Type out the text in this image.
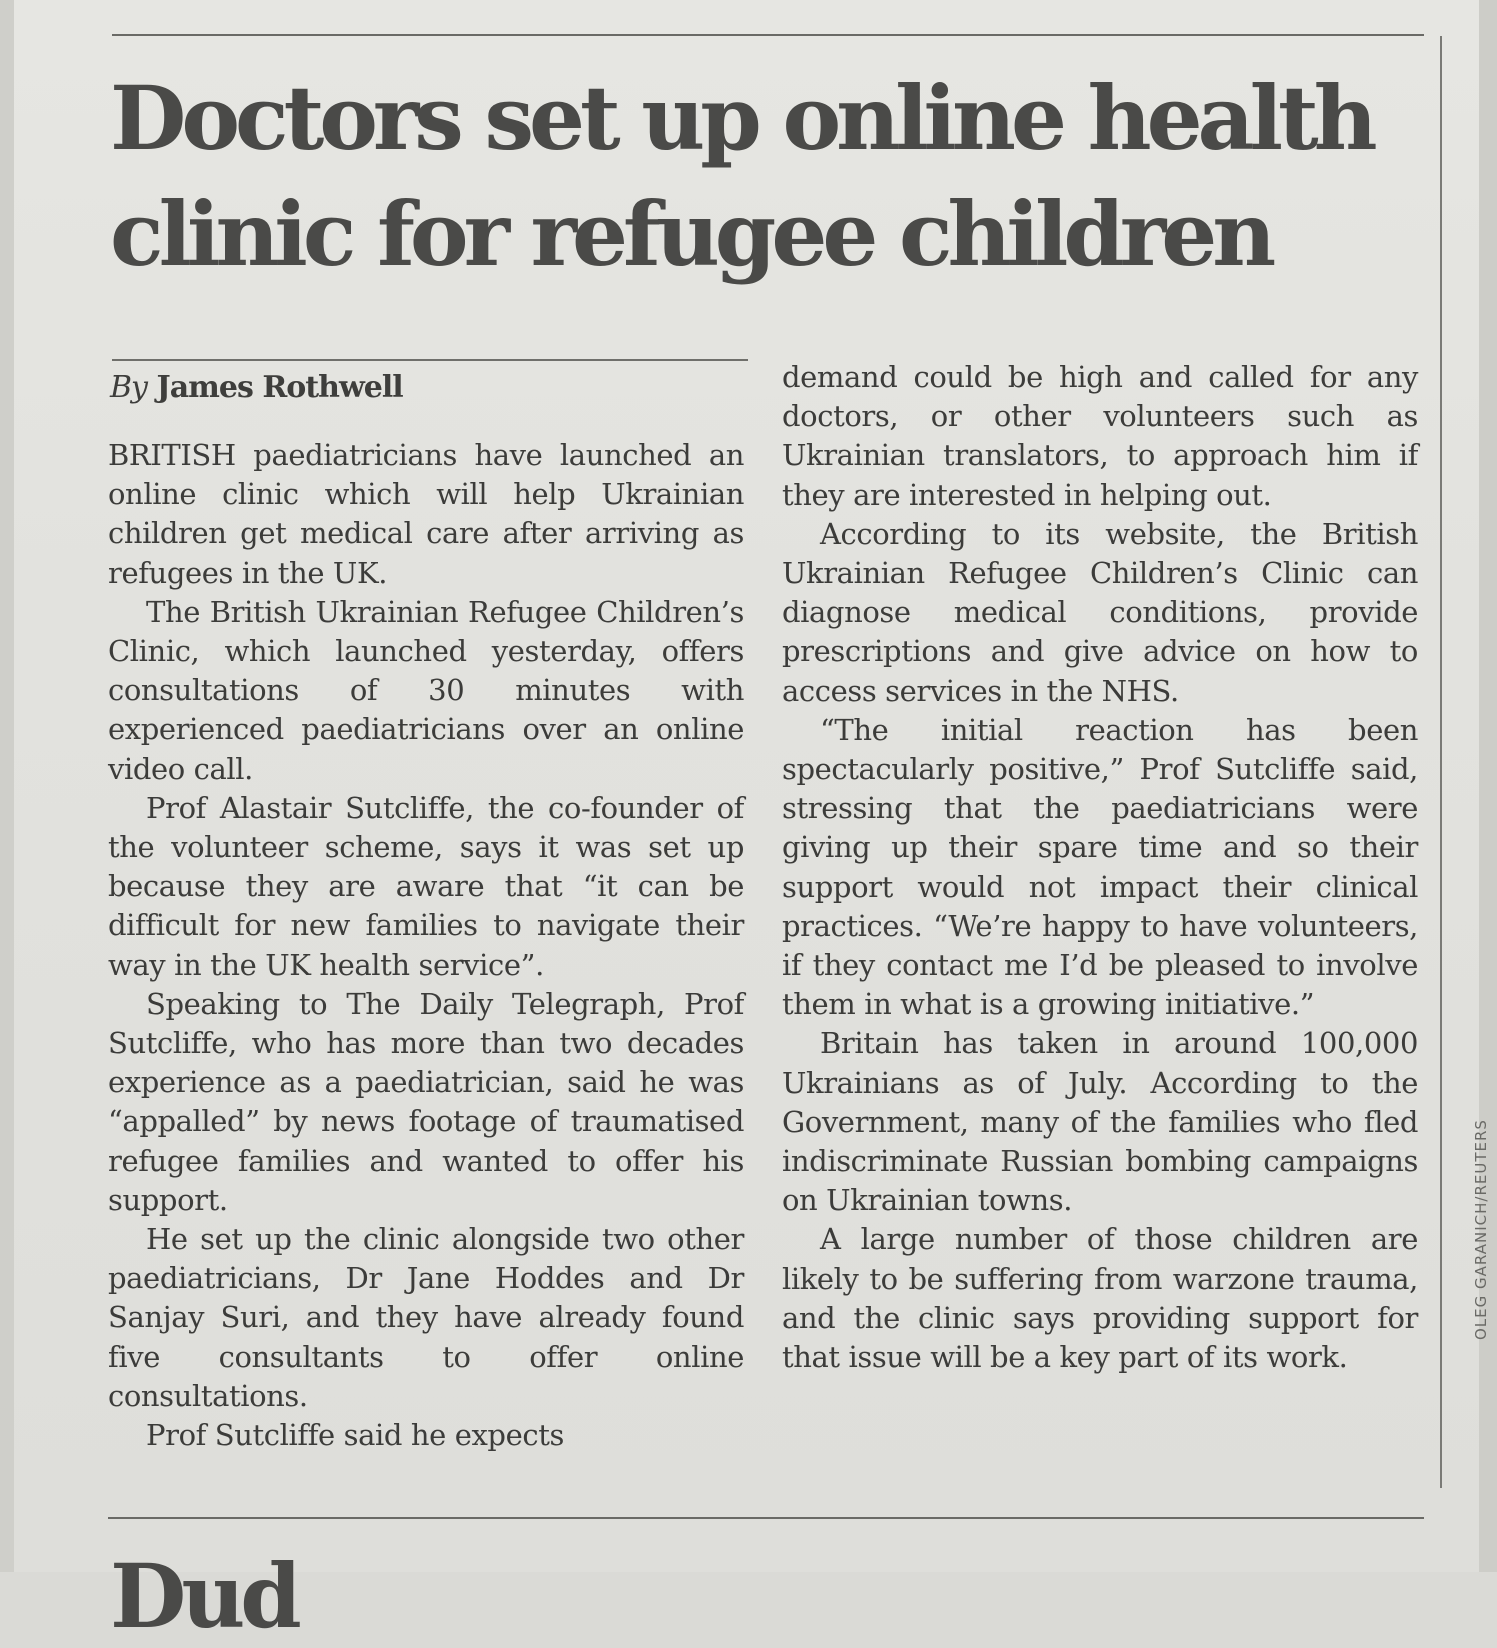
Doctors set up online health clinic for refugee children
By James Rothwell

BRITISH paediatricians have launched an online clinic which will help Ukrainian children get medical care after arriving as refugees in the UK.

The British Ukrainian Refugee Children’s Clinic, which launched yesterday, offers consultations of 30 minutes with experienced paediatricians over an online video call.

Prof Alastair Sutcliffe, the co-founder of the volunteer scheme, says it was set up because they are aware that “it can be difficult for new families to navigate their way in the UK health service”.

Speaking to The Daily Telegraph, Prof Sutcliffe, who has more than two decades experience as a paediatrician, said he was “appalled” by news footage of traumatised refugee families and wanted to offer his support.

He set up the clinic alongside two other paediatricians, Dr Jane Hoddes and Dr Sanjay Suri, and they have already found five consultants to offer online consultations.

Prof Sutcliffe said he expects

demand could be high and called for any doctors, or other volunteers such as Ukrainian translators, to approach him if they are interested in helping out.

According to its website, the British Ukrainian Refugee Children’s Clinic can diagnose medical conditions, provide prescriptions and give advice on how to access services in the NHS.

“The initial reaction has been spectacularly positive,” Prof Sutcliffe said, stressing that the paediatricians were giving up their spare time and so their support would not impact their clinical practices. “We’re happy to have volunteers, if they contact me I’d be pleased to involve them in what is a growing initiative.”

Britain has taken in around 100,000 Ukrainians as of July. According to the Government, many of the families who fled indiscriminate Russian bombing campaigns on Ukrainian towns.

A large number of those children are likely to be suffering from warzone trauma, and the clinic says providing support for that issue will be a key part of its work.

OLEG GARANICH/REUTERS
Dud
